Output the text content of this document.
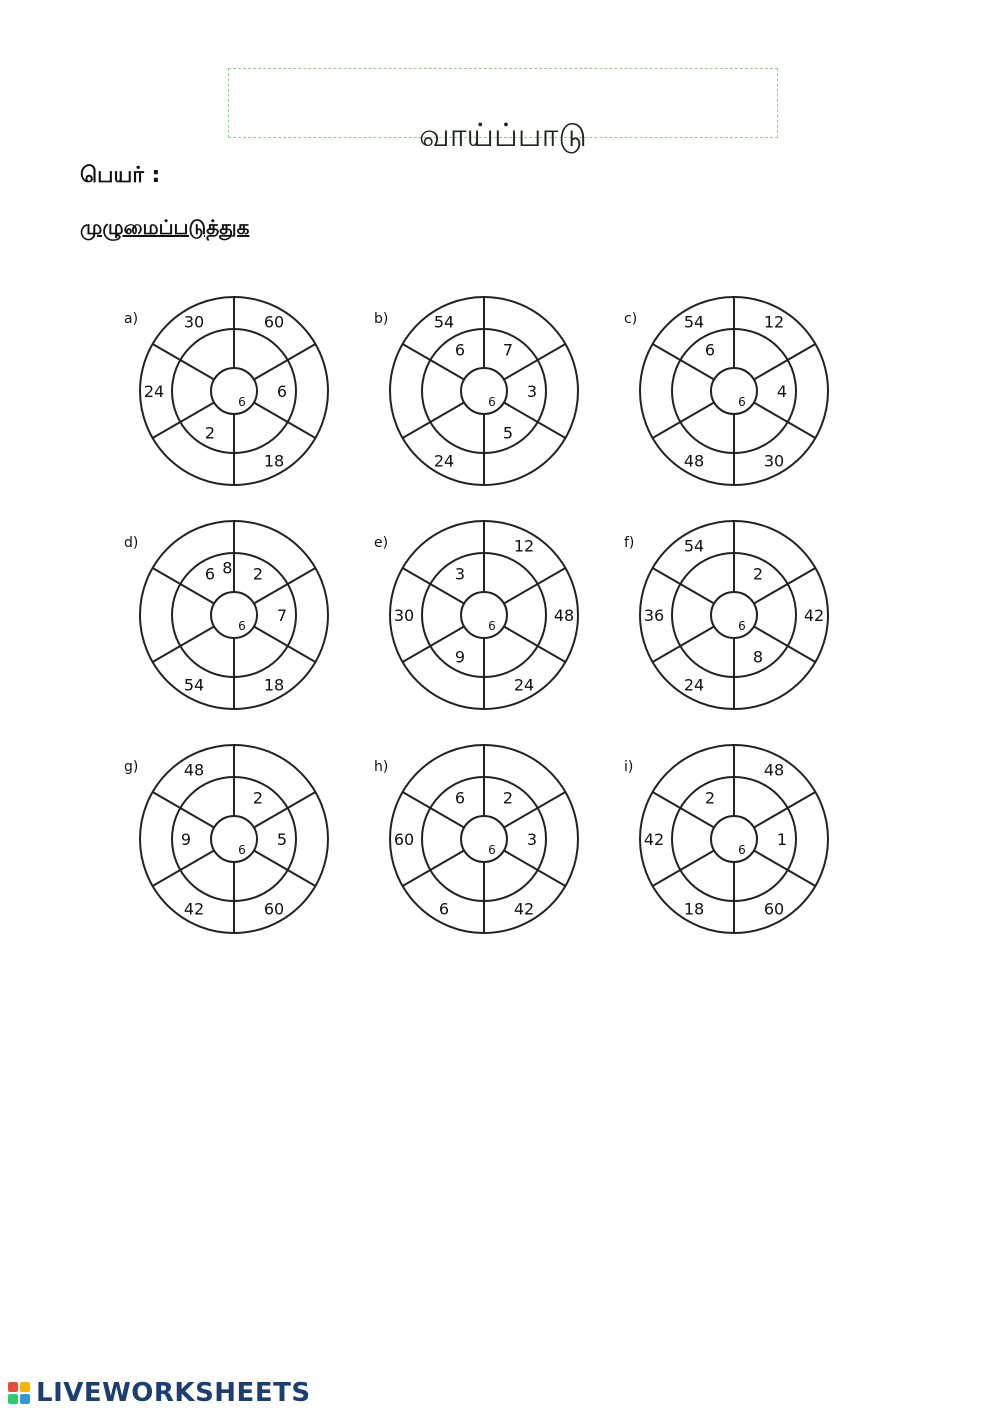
வாய்ப்பாடு
பெயர் :
முழுமைப்படுத்துக
a)
6
6
2
60
18
24
30	b)
6
7
3
5
6
24
54	c)
6
4
6
12
30
48
54
d)
6
2
7
6 8
18
54
e)
6
9
3
12
48
24
30
f)
6
2
8
42
24
36
54
g)
6
2
5
9
60
42
48	h)
6
2
3
6
42
6
60
i)
6
1
2
48
60
18
42
LIVEWORKSHEETS
